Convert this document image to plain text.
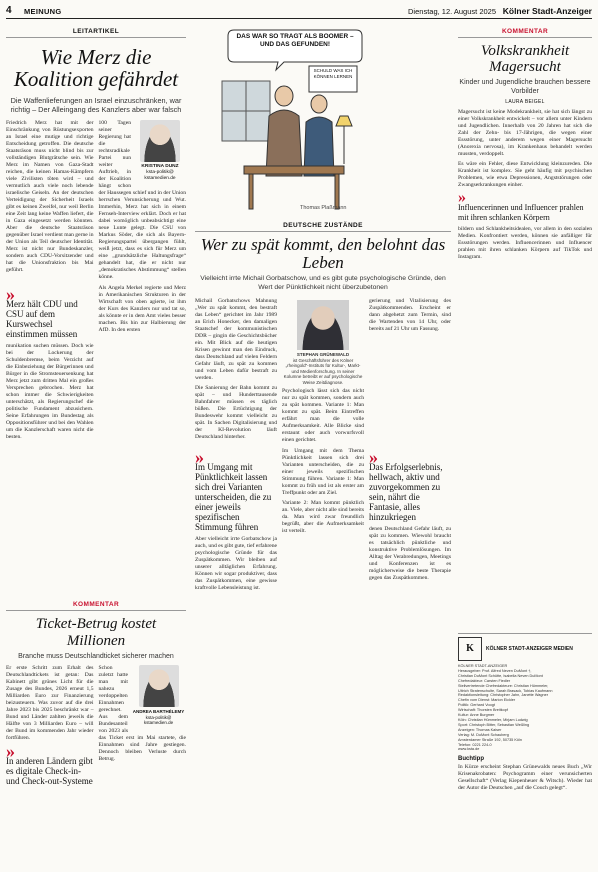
4 MEINUNG	Dienstag, 12. August 2025 Kölner Stadt-Anzeiger
LEITARTIKEL
Wie Merz die Koalition gefährdet
Die Waffenlieferungen an Israel einzuschränken, war richtig – Der Alleingang des Kanzlers aber war falsch
Friedrich Merz hat mit der Einschränkung von Rüstungsexporten an Israel eine mutige und richtige Entscheidung getroffen. Die deutsche Staatsräson muss nicht blind bis zur vollständigen Blutgrätsche sein. Wie Merz im Namen von Gaza-Stadt reichen, die keinen Hamas-Kämpfern viele Zivilisten töten wird – und vermutlich auch viele noch lebende israelische Geiseln. An der deutschen Verteidigung der Sicherheit Israels gibt es keinen Zweifel, nur weil Berlin eine Zeit lang keine Waffen liefert, die in Gaza eingesetzt werden könnten. Aber die deutsche Staatsräson gegenüber Israel verdient man gerne in der Union als Teil deutscher Identität. Merz ist nicht nur Bundeskanzler, sondern auch CDU-Vorsitzender und hat die Unionsfraktion bis Mai geführt.
KRISTINA DUNZ
ksta-politik@ kstamedien.de
100 Tagen seiner Regierung hat die rechtsradikale Partei nun weiter Auftrieb, in der Koalition hängt schon der Haussegen schief und in der Union herrschen Verunsicherung und Wut. Immerhin, Merz hat sich in einem Fernseh-Interview erklärt. Doch er hat dabei womöglich unbeabsichtigt eine neue Lunte gelegt. Die CSU von Markus Söder, die sich als Bayern-Regierungspartei übergangen fühlt, weiß jetzt, dass es sich für Merz um eine „grundsätzliche Haltungsfrage“ gehandelt hat, die er nicht nur „demokratisches Abstimmung“ stellen könne.
»
Merz hält CDU und CSU auf dem Kurswechsel einstimmen müssen
munikation suchen müssen. Doch wie bei der Lockerung der Schuldenbremse, beim Verzicht auf die Einbeziehung der Bürgerinnen und Bürger in die Stromsteuersenkung hat Merz jetzt zum dritten Mal ein großes Versprechen gebrochen. Merz hat schon immer die Schwierigkeiten unterschätzt, als Regierungschef die politische Fundament abzusichern. Seine Erfahrungen im Bundestag als Oppositionsführer und bei den Wahlen um die Kanzlerschaft waren nicht die besten.
Als Angela Merkel regierte und Merz in Amerikanischen Strukturen in der Wirtschaft von oben agierte, ist ihm der Kurs des Kanzlers nur und tat so, als könnte er in dem Amt vieles besser machen. Bis hin zur Halbierung der AfD. In den ersten
KOMMENTAR
Ticket-Betrug kostet Millionen
Branche muss Deutschlandticket sicherer machen
Er erste Schritt zum Erhalt des Deutschlandtickets ist getan: Das Kabinett gibt grünes Licht für die Zusage des Bundes, 2026 erneut 1,5 Milliarden Euro zur Finanzierung beizusteuern. Was zuvor auf die drei Jahre 2023 bis 2025 beschränkt war – Bund und Länder zahlten jeweils die Hälfte von 3 Milliarden Euro – will der Bund im kommenden Jahr wieder fortführen.
»
In anderen Ländern gibt es digitale Check-in- und Check-out-Systeme
ANDREA BARTHÉLEMY
ksta-politik@ kstamedien.de
Schon zuletzt hatte man mit nahezu verdoppelten Einnahmen gerechnet. Aus dem Bundesanteil von 2023 als das Ticket erst im Mai startete, die Einnahmen sind Jahre gestiegen. Dennoch bleiben Verluste durch Betrug.
DAS WAR SO TRAGT ALS BOOMER – UND DAS GEFUNDEN!
SCHULD WAS ICH KÖNNEN LERNEN
Thomas Plaßmann
DEUTSCHE ZUSTÄNDE
Wer zu spät kommt, den belohnt das Leben
Vielleicht irrte Michail Gorbatschow, und es gibt gute psychologische Gründe, den Wert der Pünktlichkeit nicht überzubetonen
Michail Gorbatschows Mahnung „Wer zu spät kommt, den bestraft das Leben“ gerichtet im Jahr 1989 an Erich Honecker, den damaligen Staatschef der kommunistischen DDR – gingin die Geschichtsbücher ein. Mit Blick auf die heutigen Krisen gewinnt man den Eindruck, dass Deutschland auf vielen Feldern Gefahr läuft, zu spät zu kommen und vom Leben dafür bestraft zu werden.
Die Sanierung der Bahn kommt zu spät – und Hunderttausende Bahnfahrer müssen es täglich büßen. Die Ertüchtigung der Bundeswehr kommt vielleicht zu spät. In Sachen Digitalisierung und der KI-Revolution läuft Deutschland hinterher.
STEPHAN GRÜNEWALD
ist Geschäftsführer des Kölner „rheingold“-Instituts für Kultur-, Markt- und Medienforschung. In seiner Kolumne betreibt er auf psychologische Weise Zeitdiagnose.
Psychologisch lässt sich das nicht nur zu spät kommen, sondern auch zu spät kommen. Variante 1: Man kommt zu spät. Beim Eintreffen erfährt man die volle Aufmerksamkeit. Alle Blicke sind erstaunt oder auch vorwurfsvoll einen gerichtet.
gerierung und Vitalisierung des Zuspätkommenden. Erscheint er dann abgehetzt zum Termin, sind die Wartenden von 14 Uhr, oder bereits auf 21 Uhr um Fassung.
»
Im Umgang mit Pünktlichkeit lassen sich drei Varianten unterscheiden, die zu einer jeweils spezifischen Stimmung führen
Aber vielleicht irrte Gorbatschow ja auch, und es gibt gute, tief erfahrene psychologische Gründe für das Zuspätkommen. Wir bleiben auf unserer alltäglichen Erfahrung. Können wir sogar produktiver, dass das Zuspätkommen, eine gewisse kraftvolle Lebensleistung ist.
Im Umgang mit dem Thema Pünktlichkeit lassen sich drei Varianten unterscheiden, die zu einer jeweils spezifischen Stimmung führen. Variante 1: Man kommt zu früh und ist als erster am Treffpunkt oder am Ziel.
Variante 2: Man kommt pünktlich an. Viele, aber nicht alle sind bereits da. Man wird zwar freundlich begrüßt, aber die Aufmerksamkeit ist verteilt.
»
Das Erfolgserlebnis, hellwach, aktiv und zuvorgekommen zu sein, nährt die Fantasie, alles hinzukriegen
denen Deutschland Gefahr läuft, zu spät zu kommen. Wiewohl braucht es tatsächlich pünktliche und konstruktive Problemlösungen. Im Alltag der Verabredungen, Meetings und Konferenzen ist es möglicherweise die beste Therapie gegen das Zuspätkommen.
KOMMENTAR
Volkskrankheit Magersucht
Kinder und Jugendliche brauchen bessere Vorbilder
LAURA BEIGEL
Magersucht ist keine Modekrankheit, sie hat sich längst zu einer Volkskrankheit entwickelt – vor allem unter Kindern und Jugendlichen. Innerhalb von 20 Jahren hat sich die Zahl der Zehn- bis 17-Jährigen, die wegen einer Essstörung, unter anderem wegen einer Magersucht (Anorexia nervosa), im Krankenhaus behandelt werden mussten, verdoppelt.
Es wäre ein Fehler, diese Entwicklung kleinzureden. Die Krankheit ist komplex. Sie geht häufig mit psychischen Problemen, wie etwa Depressionen, Angststörungen oder Zwangserkrankungen einher.
»
Influencerinnen und Influencer prahlen mit ihren schlanken Körpern
bildern und Schlankheitsidealen, vor allem in den sozialen Medien. Konfrontiert werden, können sie anfälliger für Essstörungen werden. Influencerinnen und Influencer prahlen mit ihren schlanken Körpern auf TikTok und Instagram.
K	KÖLNER STADT-ANZEIGER MEDIEN
KÖLNER STADT-ANZEIGER
Herausgeber: Prof. Alfred Neven DuMont †,
Christian DuMont Schütte, Isabella Neven DuMont
Chefredakteur: Carsten Fiedler
Stellvertretende Chefredakteure: Christian Hümmeler,
Ultrich Stratenschulte, Sarah Brasack, Tobias Kaufmann
Redaktionsleitung: Christopher Jahn, Janette Wagner
Chefin vom Dienst: Marion Eickler
Politik: Gerhard Voogt
Wirtschaft: Thorsten Breitkopf
Kultur: Anne Burgmer
Köln: Christian Hümmeler, Mirjam Ludwig
Sport: Christoph Bitter, Sebastian Weßling
Anzeigen: Thomas Kaiser
Verlag: M. DuMont Schauberg
Amsterdamer Straße 192, 50735 Köln
Telefon: 0221 224-0
www.ksta.de
Buchtipp
In Kürze erscheint Stephan Grünewalds neues Buch „Wir Krisenakrobaten: Psychogramm einer verunsicherten Gesellschaft“ (Verlag Kiepenheuer & Witsch). Wieder hat der Autor die Deutschen „auf die Couch gelegt“.
